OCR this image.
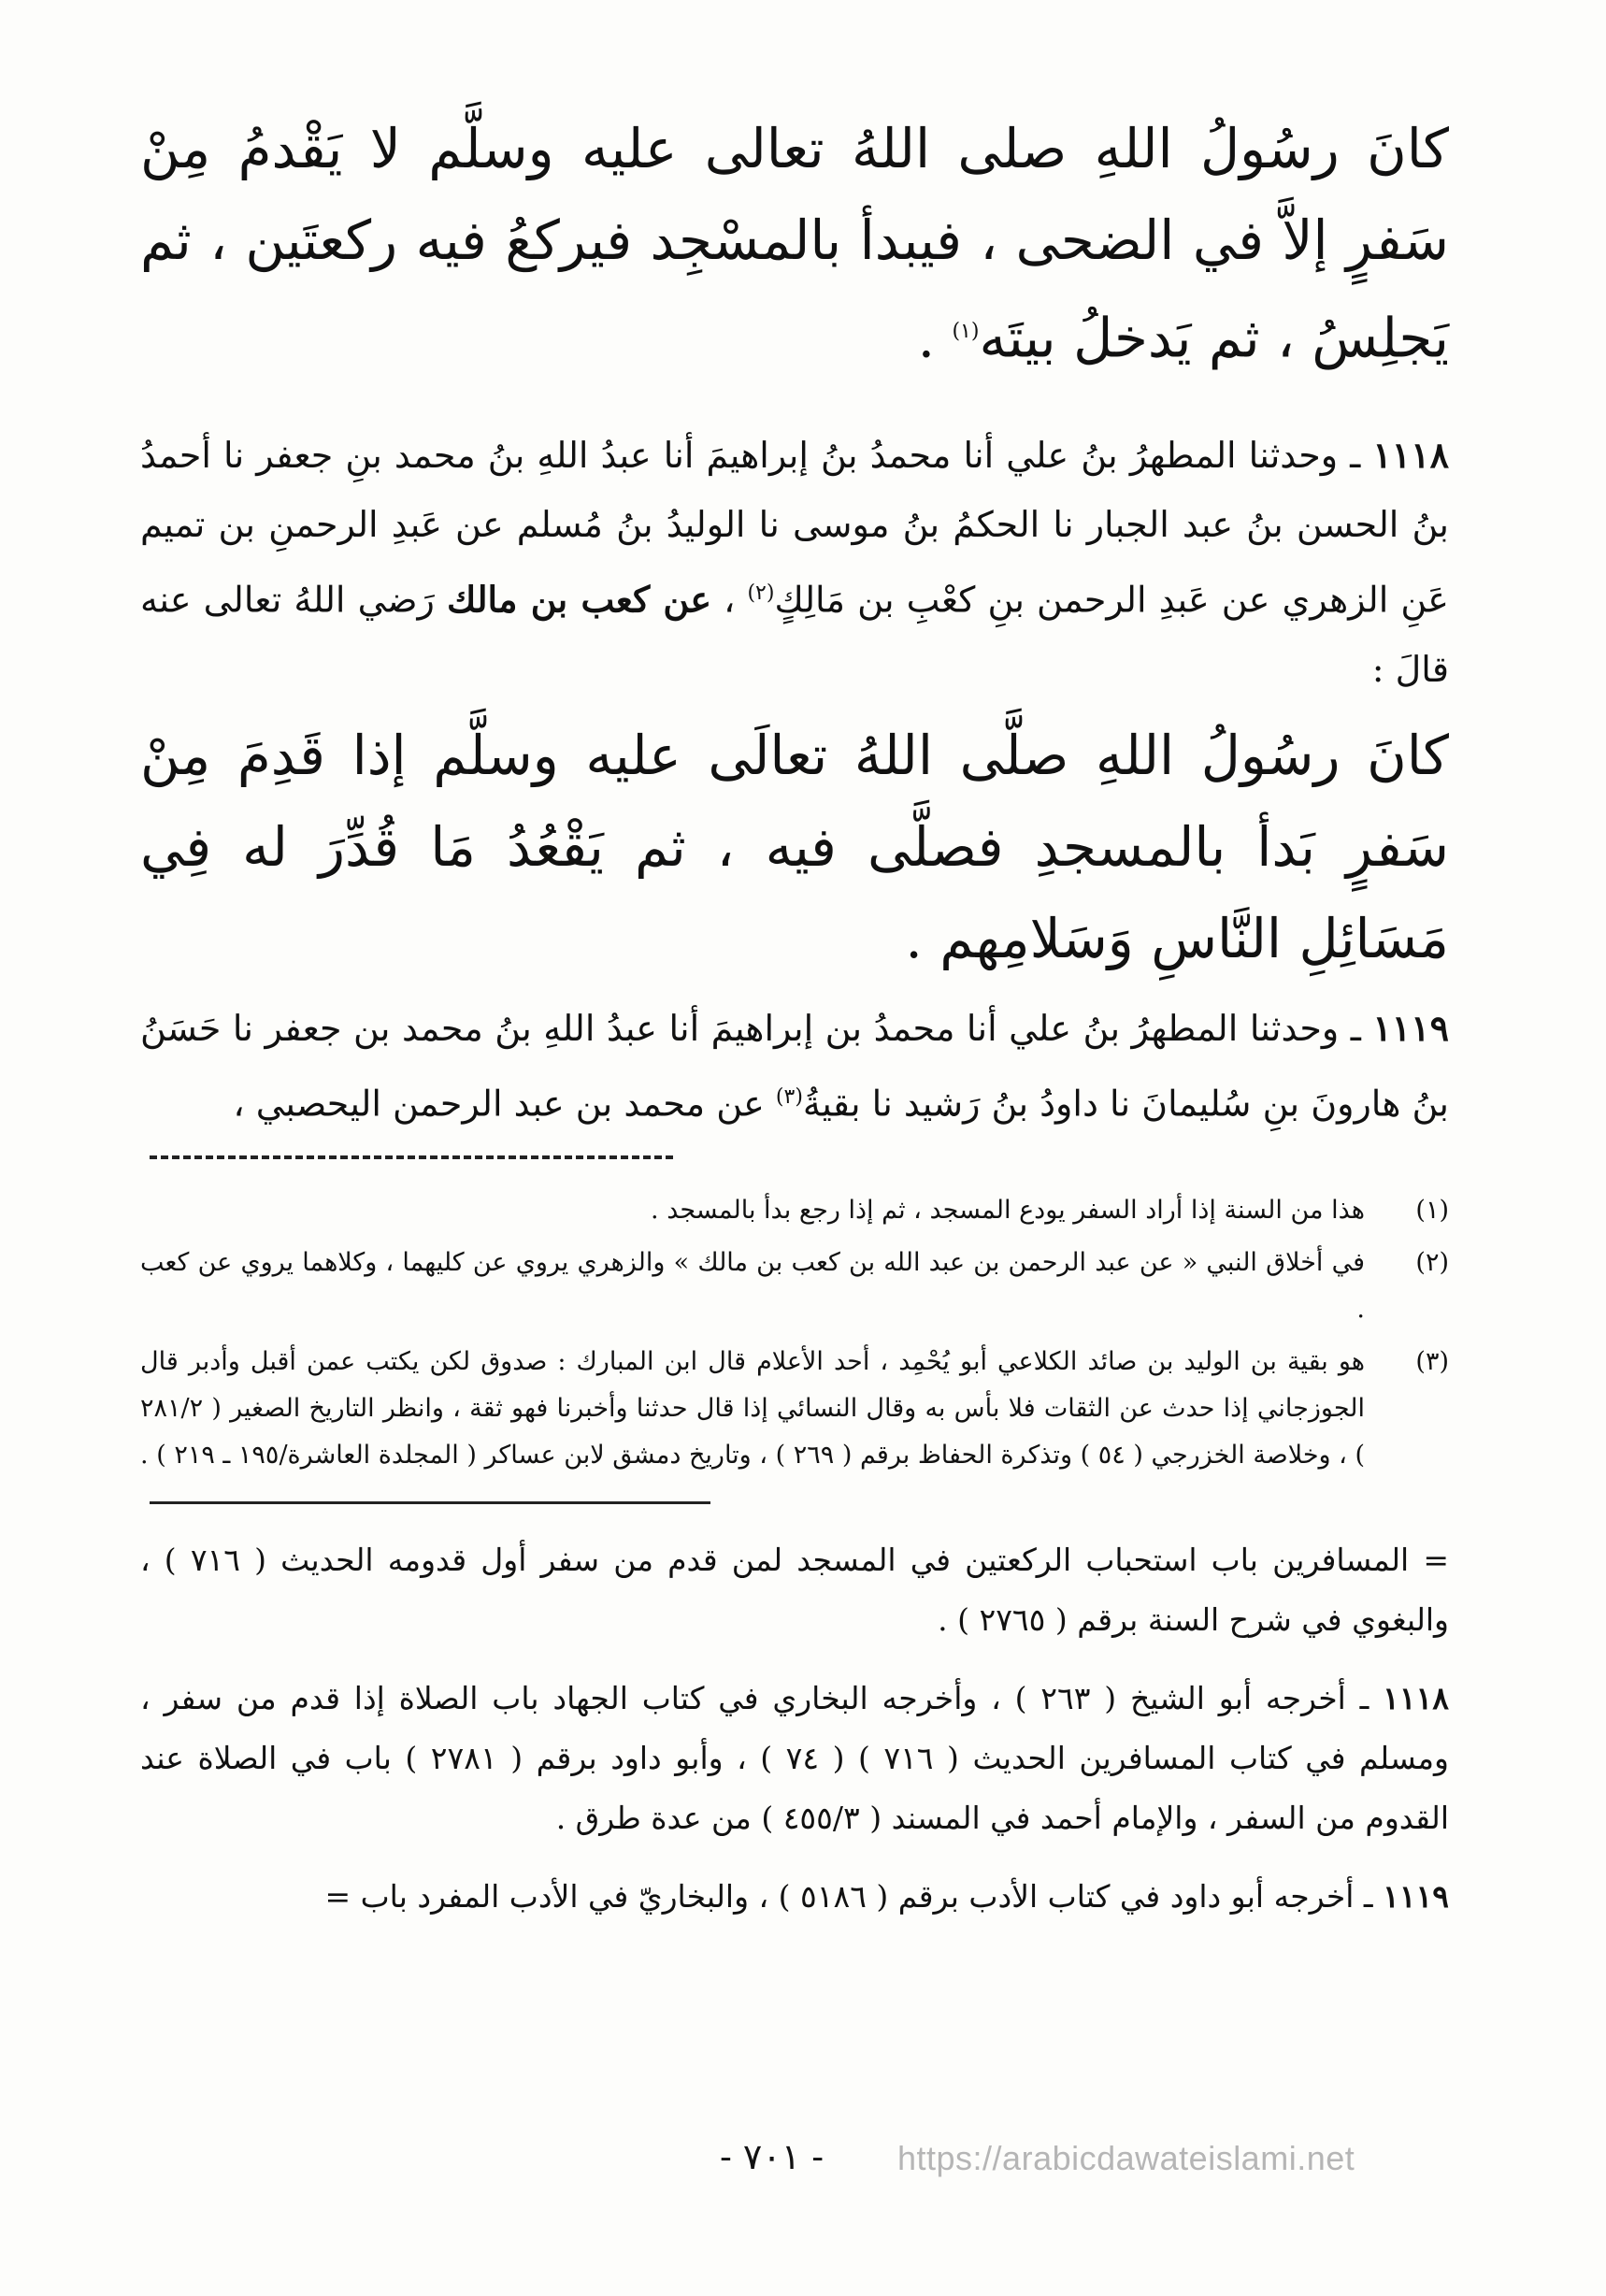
كانَ رسُولُ اللهِ صلى اللهُ تعالى عليه وسلَّم لا يَقْدمُ مِنْ سَفرٍ إلاَّ في الضحى ، فيبدأ بالمسْجِد فيركعُ فيه ركعتَين ، ثم يَجلِسُ ، ثم يَدخلُ بيتَه$^{(١)}$ .

١١١٨ ـ وحدثنا المطهرُ بنُ علي أنا محمدُ بنُ إبراهيمَ أنا عبدُ اللهِ بنُ محمد بنِ جعفر نا أحمدُ بنُ الحسن بنُ عبد الجبار نا الحكمُ بنُ موسى نا الوليدُ بنُ مُسلم عن عَبدِ الرحمنِ بن تميم عَنِ الزهري عن عَبدِ الرحمن بنِ كعْبِ بن مَالِكٍ$^{(٢)}$ ، عن كعب بن مالك رَضي اللهُ تعالى عنه قالَ :

كانَ رسُولُ اللهِ صلَّى اللهُ تعالَى عليه وسلَّم إذا قَدِمَ مِنْ سَفرٍ بَدأ بالمسجدِ فصلَّى فيه ، ثم يَقْعُدُ مَا قُدِّرَ له فِي مَسَائِلِ النَّاسِ وَسَلامِهم .

١١١٩ ـ وحدثنا المطهرُ بنُ علي أنا محمدُ بن إبراهيمَ أنا عبدُ اللهِ بنُ محمد بن جعفر نا حَسَنُ بنُ هارونَ بنِ سُليمانَ نا داودُ بنُ رَشيد نا بقيةُ$^{(٣)}$ عن محمد بن عبد الرحمن اليحصبي ،

(١)
هذا من السنة إذا أراد السفر يودع المسجد ، ثم إذا رجع بدأ بالمسجد .
(٢)
في أخلاق النبي « عن عبد الرحمن بن عبد الله بن كعب بن مالك » والزهري يروي عن كليهما ، وكلاهما يروي عن كعب .
(٣)
هو بقية بن الوليد بن صائد الكلاعي أبو يُحْمِد ، أحد الأعلام قال ابن المبارك : صدوق لكن يكتب عمن أقبل وأدبر قال الجوزجاني إذا حدث عن الثقات فلا بأس به وقال النسائي إذا قال حدثنا وأخبرنا فهو ثقة ، وانظر التاريخ الصغير ( ٢٨١/٢ ) ، وخلاصة الخزرجي ( ٥٤ ) وتذكرة الحفاظ برقم ( ٢٦٩ ) ، وتاريخ دمشق لابن عساكر ( المجلدة العاشرة/١٩٥ ـ ٢١٩ ) .

= المسافرين باب استحباب الركعتين في المسجد لمن قدم من سفر أول قدومه الحديث ( ٧١٦ ) ، والبغوي في شرح السنة برقم ( ٢٧٦٥ ) .

١١١٨ ـ أخرجه أبو الشيخ ( ٢٦٣ ) ، وأخرجه البخاري في كتاب الجهاد باب الصلاة إذا قدم من سفر ، ومسلم في كتاب المسافرين الحديث ( ٧١٦ ) ( ٧٤ ) ، وأبو داود برقم ( ٢٧٨١ ) باب في الصلاة عند القدوم من السفر ، والإمام أحمد في المسند ( ٤٥٥/٣ ) من عدة طرق .

١١١٩ ـ أخرجه أبو داود في كتاب الأدب برقم ( ٥١٨٦ ) ، والبخاريّ في الأدب المفرد باب =

- ٧٠١ - https://arabicdawateislami.net
